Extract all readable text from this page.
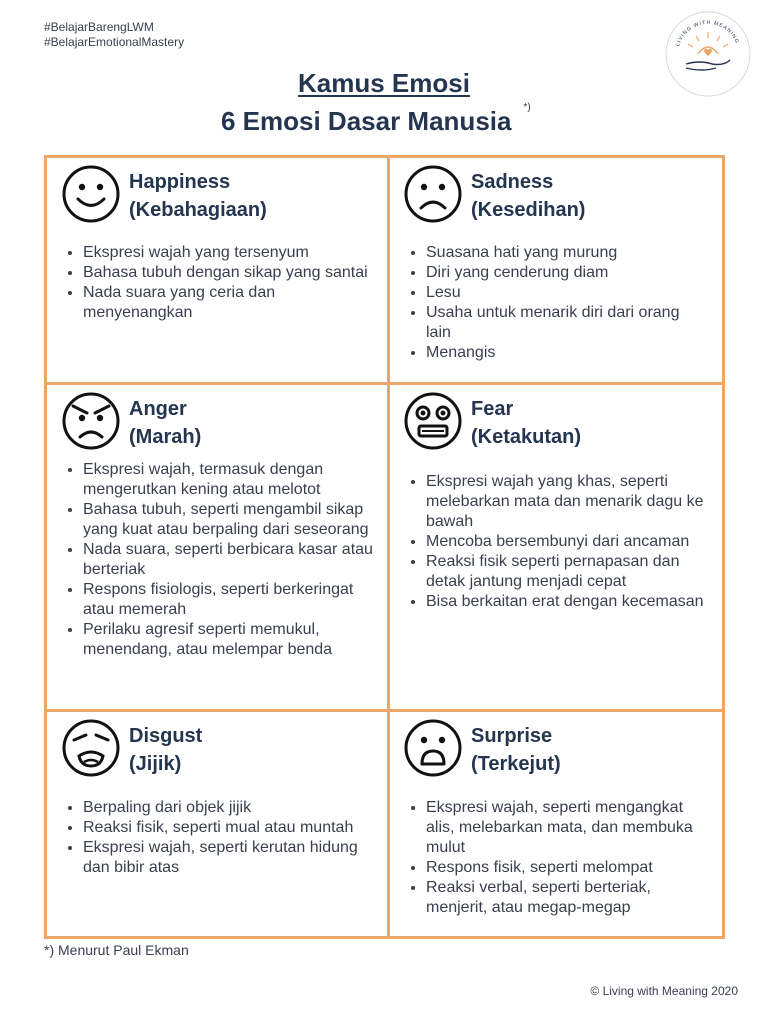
#BelajarBarengLWM
#BelajarEmotionalMastery	LIVING WITH MEANING
Kamus Emosi
6 Emosi Dasar Manusia *)
Happiness
(Kebahagiaan)
• Ekspresi wajah yang tersenyum
• Bahasa tubuh dengan sikap yang santai
• Nada suara yang ceria dan menyenangkan
Sadness
(Kesedihan)
• Suasana hati yang murung
• Diri yang cenderung diam
• Lesu
• Usaha untuk menarik diri dari orang lain
• Menangis
Anger
(Marah)
• Ekspresi wajah, termasuk dengan mengerutkan kening atau melotot
• Bahasa tubuh, seperti mengambil sikap yang kuat atau berpaling dari seseorang
• Nada suara, seperti berbicara kasar atau berteriak
• Respons fisiologis, seperti berkeringat atau memerah
• Perilaku agresif seperti memukul, menendang, atau melempar benda
Fear
(Ketakutan)
• Ekspresi wajah yang khas, seperti melebarkan mata dan menarik dagu ke bawah
• Mencoba bersembunyi dari ancaman
• Reaksi fisik seperti pernapasan dan detak jantung menjadi cepat
• Bisa berkaitan erat dengan kecemasan
Disgust
(Jijik)
• Berpaling dari objek jijik
• Reaksi fisik, seperti mual atau muntah
• Ekspresi wajah, seperti kerutan hidung dan bibir atas
Surprise
(Terkejut)
• Ekspresi wajah, seperti mengangkat alis, melebarkan mata, dan membuka mulut
• Respons fisik, seperti melompat
• Reaksi verbal, seperti berteriak, menjerit, atau megap-megap
*) Menurut Paul Ekman
© Living with Meaning 2020
